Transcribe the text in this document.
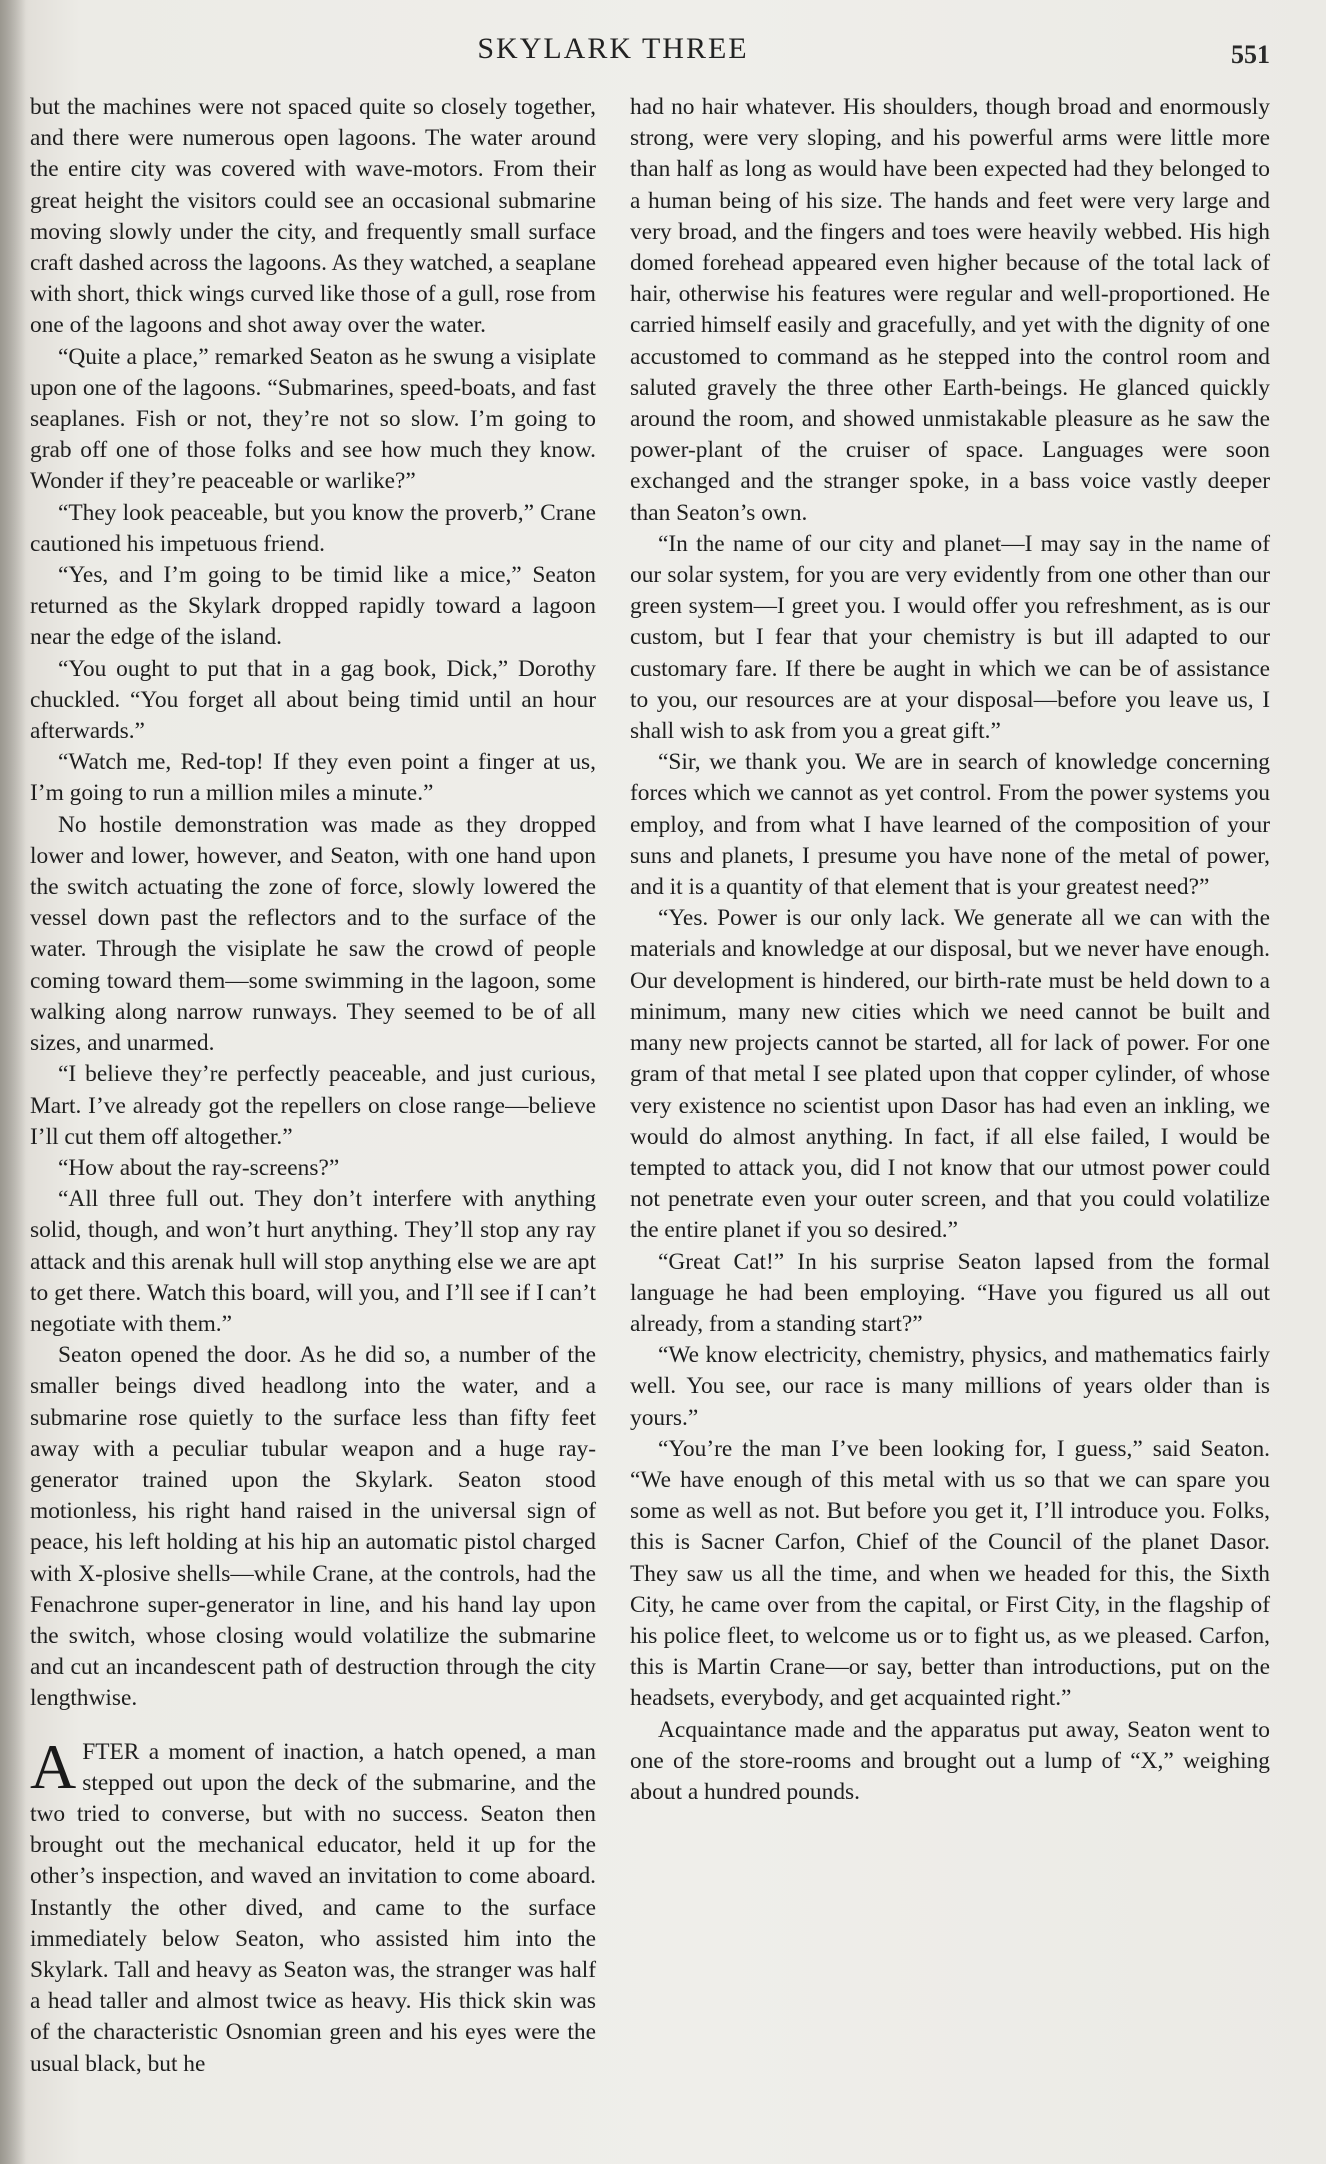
SKYLARK THREE	551

but the machines were not spaced quite so closely together, and there were numerous open lagoons. The water around the entire city was covered with wave-motors. From their great height the visitors could see an occasional submarine moving slowly under the city, and frequently small surface craft dashed across the lagoons. As they watched, a seaplane with short, thick wings curved like those of a gull, rose from one of the lagoons and shot away over the water.

“Quite a place,” remarked Seaton as he swung a visiplate upon one of the lagoons. “Submarines, speed-boats, and fast seaplanes. Fish or not, they’re not so slow. I’m going to grab off one of those folks and see how much they know. Wonder if they’re peaceable or warlike?”

“They look peaceable, but you know the proverb,” Crane cautioned his impetuous friend.

“Yes, and I’m going to be timid like a mice,” Seaton returned as the Skylark dropped rapidly toward a lagoon near the edge of the island.

“You ought to put that in a gag book, Dick,” Dorothy chuckled. “You forget all about being timid until an hour afterwards.”

“Watch me, Red-top! If they even point a finger at us, I’m going to run a million miles a minute.”

No hostile demonstration was made as they dropped lower and lower, however, and Seaton, with one hand upon the switch actuating the zone of force, slowly lowered the vessel down past the reflectors and to the surface of the water. Through the visiplate he saw the crowd of people coming toward them—some swimming in the lagoon, some walking along narrow runways. They seemed to be of all sizes, and unarmed.

“I believe they’re perfectly peaceable, and just curious, Mart. I’ve already got the repellers on close range—believe I’ll cut them off altogether.”

“How about the ray-screens?”

“All three full out. They don’t interfere with anything solid, though, and won’t hurt anything. They’ll stop any ray attack and this arenak hull will stop anything else we are apt to get there. Watch this board, will you, and I’ll see if I can’t negotiate with them.”

Seaton opened the door. As he did so, a number of the smaller beings dived headlong into the water, and a submarine rose quietly to the surface less than fifty feet away with a peculiar tubular weapon and a huge ray-generator trained upon the Skylark. Seaton stood motionless, his right hand raised in the universal sign of peace, his left holding at his hip an automatic pistol charged with X-plosive shells—while Crane, at the controls, had the Fenachrone super-generator in line, and his hand lay upon the switch, whose closing would volatilize the submarine and cut an incandescent path of destruction through the city lengthwise.

AFTER a moment of inaction, a hatch opened, a man stepped out upon the deck of the submarine, and the two tried to converse, but with no success. Seaton then brought out the mechanical educator, held it up for the other’s inspection, and waved an invitation to come aboard. Instantly the other dived, and came to the surface immediately below Seaton, who assisted him into the Skylark. Tall and heavy as Seaton was, the stranger was half a head taller and almost twice as heavy. His thick skin was of the characteristic Osnomian green and his eyes were the usual black, but he

had no hair whatever. His shoulders, though broad and enormously strong, were very sloping, and his powerful arms were little more than half as long as would have been expected had they belonged to a human being of his size. The hands and feet were very large and very broad, and the fingers and toes were heavily webbed. His high domed forehead appeared even higher because of the total lack of hair, otherwise his features were regular and well-proportioned. He carried himself easily and gracefully, and yet with the dignity of one accustomed to command as he stepped into the control room and saluted gravely the three other Earth-beings. He glanced quickly around the room, and showed unmistakable pleasure as he saw the power-plant of the cruiser of space. Languages were soon exchanged and the stranger spoke, in a bass voice vastly deeper than Seaton’s own.

“In the name of our city and planet—I may say in the name of our solar system, for you are very evidently from one other than our green system—I greet you. I would offer you refreshment, as is our custom, but I fear that your chemistry is but ill adapted to our customary fare. If there be aught in which we can be of assistance to you, our resources are at your disposal—before you leave us, I shall wish to ask from you a great gift.”

“Sir, we thank you. We are in search of knowledge concerning forces which we cannot as yet control. From the power systems you employ, and from what I have learned of the composition of your suns and planets, I presume you have none of the metal of power, and it is a quantity of that element that is your greatest need?”

“Yes. Power is our only lack. We generate all we can with the materials and knowledge at our disposal, but we never have enough. Our development is hindered, our birth-rate must be held down to a minimum, many new cities which we need cannot be built and many new projects cannot be started, all for lack of power. For one gram of that metal I see plated upon that copper cylinder, of whose very existence no scientist upon Dasor has had even an inkling, we would do almost anything. In fact, if all else failed, I would be tempted to attack you, did I not know that our utmost power could not penetrate even your outer screen, and that you could volatilize the entire planet if you so desired.”

“Great Cat!” In his surprise Seaton lapsed from the formal language he had been employing. “Have you figured us all out already, from a standing start?”

“We know electricity, chemistry, physics, and mathematics fairly well. You see, our race is many millions of years older than is yours.”

“You’re the man I’ve been looking for, I guess,” said Seaton. “We have enough of this metal with us so that we can spare you some as well as not. But before you get it, I’ll introduce you. Folks, this is Sacner Carfon, Chief of the Council of the planet Dasor. They saw us all the time, and when we headed for this, the Sixth City, he came over from the capital, or First City, in the flagship of his police fleet, to welcome us or to fight us, as we pleased. Carfon, this is Martin Crane—or say, better than introductions, put on the headsets, everybody, and get acquainted right.”

Acquaintance made and the apparatus put away, Seaton went to one of the store-rooms and brought out a lump of “X,” weighing about a hundred pounds.
